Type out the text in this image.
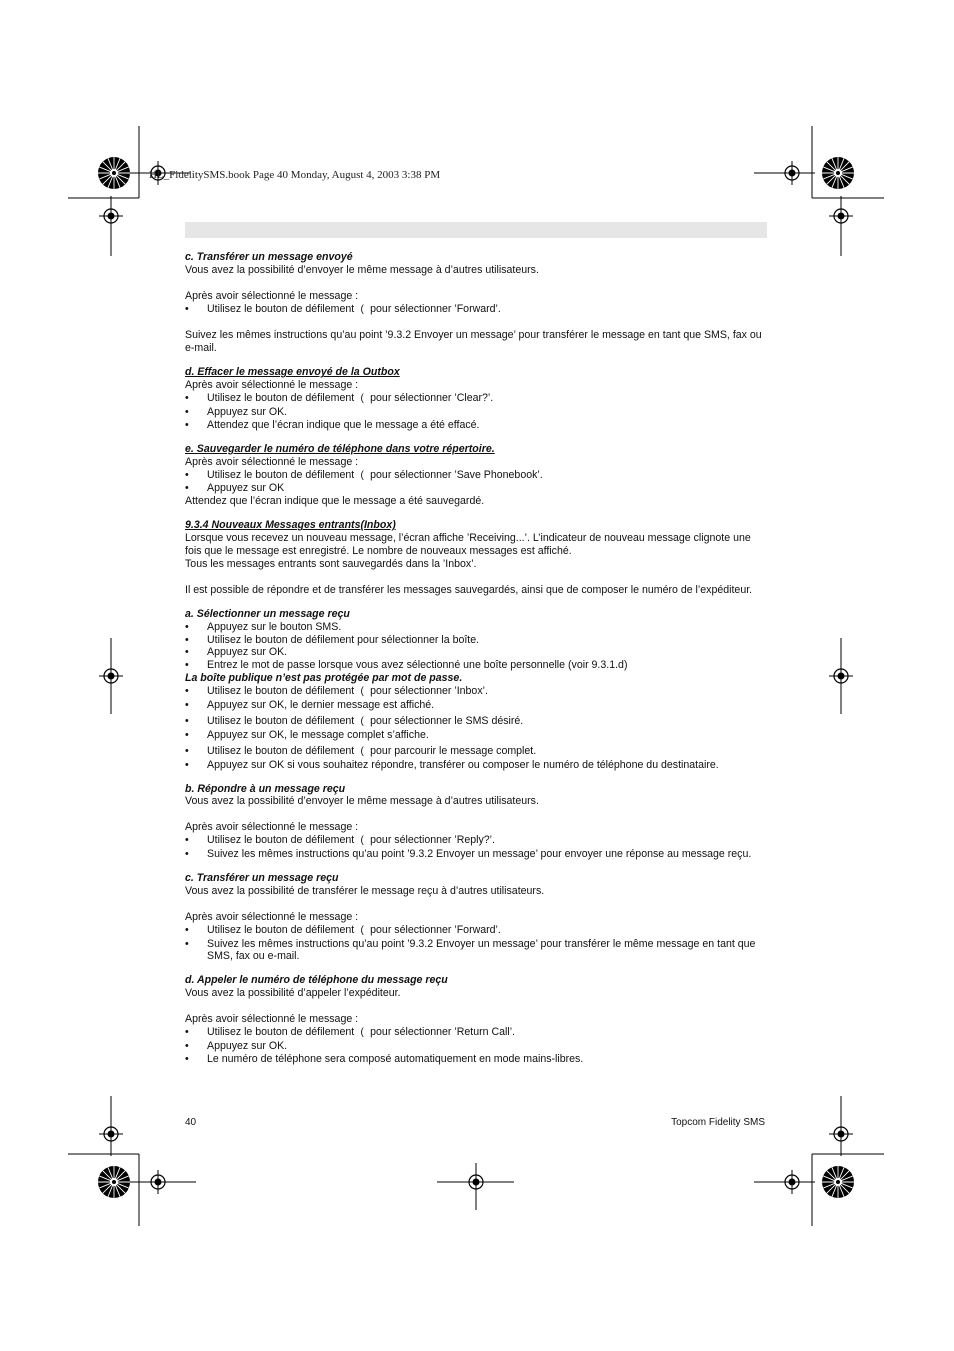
HL_FidelitySMS.book Page 40 Monday, August 4, 2003 3:38 PM

c. Transférer un message envoyé

Vous avez la possibilité d’envoyer le même message à d’autres utilisateurs.

Après avoir sélectionné le message :

•	Utilisez le bouton de défilement ( pour sélectionner ’Forward’.

Suivez les mêmes instructions qu’au point ’9.3.2 Envoyer un message’ pour transférer le message en tant que SMS, fax ou e-mail.

d. Effacer le message envoyé de la Outbox

Après avoir sélectionné le message :

•	Utilisez le bouton de défilement ( pour sélectionner ’Clear?’.
•	Appuyez sur OK.
•	Attendez que l’écran indique que le message a été effacé.

e. Sauvegarder le numéro de téléphone dans votre répertoire.

Après avoir sélectionné le message :

•	Utilisez le bouton de défilement ( pour sélectionner ’Save Phonebook’.
•	Appuyez sur OK

Attendez que l’écran indique que le message a été sauvegardé.

9.3.4 Nouveaux Messages entrants(Inbox)

Lorsque vous recevez un nouveau message, l’écran affiche ’Receiving...’. L’indicateur de nouveau message clignote une fois que le message est enregistré. Le nombre de nouveaux messages est affiché.

Tous les messages entrants sont sauvegardés dans la ’Inbox’.

Il est possible de répondre et de transférer les messages sauvegardés, ainsi que de composer le numéro de l’expéditeur.

a. Sélectionner un message reçu

•	Appuyez sur le bouton SMS.
•	Utilisez le bouton de défilement pour sélectionner la boîte.
•	Appuyez sur OK.
•	Entrez le mot de passe lorsque vous avez sélectionné une boîte personnelle (voir 9.3.1.d)

La boîte publique n’est pas protégée par mot de passe.

•	Utilisez le bouton de défilement ( pour sélectionner ’Inbox’.
•	Appuyez sur OK, le dernier message est affiché.
•	Utilisez le bouton de défilement ( pour sélectionner le SMS désiré.
•	Appuyez sur OK, le message complet s’affiche.
•	Utilisez le bouton de défilement ( pour parcourir le message complet.
•	Appuyez sur OK si vous souhaitez répondre, transférer ou composer le numéro de téléphone du destinataire.

b. Répondre à un message reçu

Vous avez la possibilité d’envoyer le même message à d’autres utilisateurs.

Après avoir sélectionné le message :

•	Utilisez le bouton de défilement ( pour sélectionner ’Reply?’.
•	Suivez les mêmes instructions qu’au point ’9.3.2 Envoyer un message’ pour envoyer une réponse au message reçu.

c. Transférer un message reçu

Vous avez la possibilité de transférer le message reçu à d’autres utilisateurs.

Après avoir sélectionné le message :

•	Utilisez le bouton de défilement ( pour sélectionner ’Forward’.
•	Suivez les mêmes instructions qu’au point ’9.3.2 Envoyer un message’ pour transférer le même message en tant que SMS, fax ou e-mail.

d. Appeler le numéro de téléphone du message reçu

Vous avez la possibilité d’appeler l’expéditeur.

Après avoir sélectionné le message :

•	Utilisez le bouton de défilement ( pour sélectionner ’Return Call’.
•	Appuyez sur OK.
•	Le numéro de téléphone sera composé automatiquement en mode mains-libres.
40	Topcom Fidelity SMS
